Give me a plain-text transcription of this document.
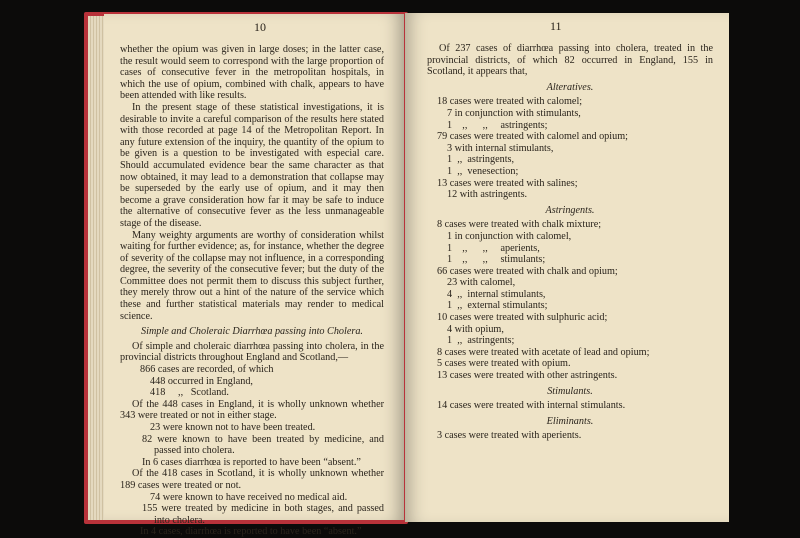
10

whether the opium was given in large doses; in the latter case, the result would seem to correspond with the large proportion of cases of consecutive fever in the metropolitan hospitals, in which the use of opium, combined with chalk, appears to have been attended with like results.

In the present stage of these statistical investigations, it is desirable to invite a careful comparison of the results here stated with those recorded at page 14 of the Metropolitan Report. In any future extension of the inquiry, the quantity of the opium to be given is a question to be investigated with especial care. Should accumulated evidence bear the same character as that now obtained, it may lead to a demonstration that collapse may be superseded by the early use of opium, and it may then become a grave consideration how far it may be safe to induce the alternative of consecutive fever as the less unmanageable stage of the disease.

Many weighty arguments are worthy of consideration whilst waiting for further evidence; as, for instance, whether the degree of severity of the collapse may not influence, in a corresponding degree, the severity of the consecutive fever; but the duty of the Committee does not permit them to discuss this subject further, they merely throw out a hint of the nature of the service which these and further statistical materials may render to medical science.

Simple and Choleraic Diarrhœa passing into Cholera.

Of simple and choleraic diarrhœa passing into cholera, in the provincial districts throughout England and Scotland,—

866 cases are recorded, of which

448 occurred in England,

418     ,,   Scotland.

Of the 448 cases in England, it is wholly unknown whether 343 were treated or not in either stage.

23 were known not to have been treated.

82 were known to have been treated by medicine, and passed into cholera.

In 6 cases diarrhœa is reported to have been “absent.”

Of the 418 cases in Scotland, it is wholly unknown whether 189 cases were treated or not.

74 were known to have received no medical aid.

155 were treated by medicine in both stages, and passed into cholera.

In 4 cases, diarrhœa is reported to have been “absent.”

11

Of 237 cases of diarrhœa passing into cholera, treated in the provincial districts, of which 82 occurred in England, 155 in Scotland, it appears that,

Alteratives.

18 cases were treated with calomel;

7 in conjunction with stimulants,

1    ,,      ,,     astringents;

79 cases were treated with calomel and opium;

3 with internal stimulants,

1  ,,  astringents,

1  ,,  venesection;

13 cases were treated with salines;

12 with astringents.

Astringents.

8 cases were treated with chalk mixture;

1 in conjunction with calomel,

1    ,,      ,,     aperients,

1    ,,      ,,     stimulants;

66 cases were treated with chalk and opium;

23 with calomel,

4  ,,  internal stimulants,

1  ,,  external stimulants;

10 cases were treated with sulphuric acid;

4 with opium,

1  ,,  astringents;

8 cases were treated with acetate of lead and opium;

5 cases were treated with opium.

13 cases were treated with other astringents.

Stimulants.

14 cases were treated with internal stimulants.

Eliminants.

3 cases were treated with aperients.
